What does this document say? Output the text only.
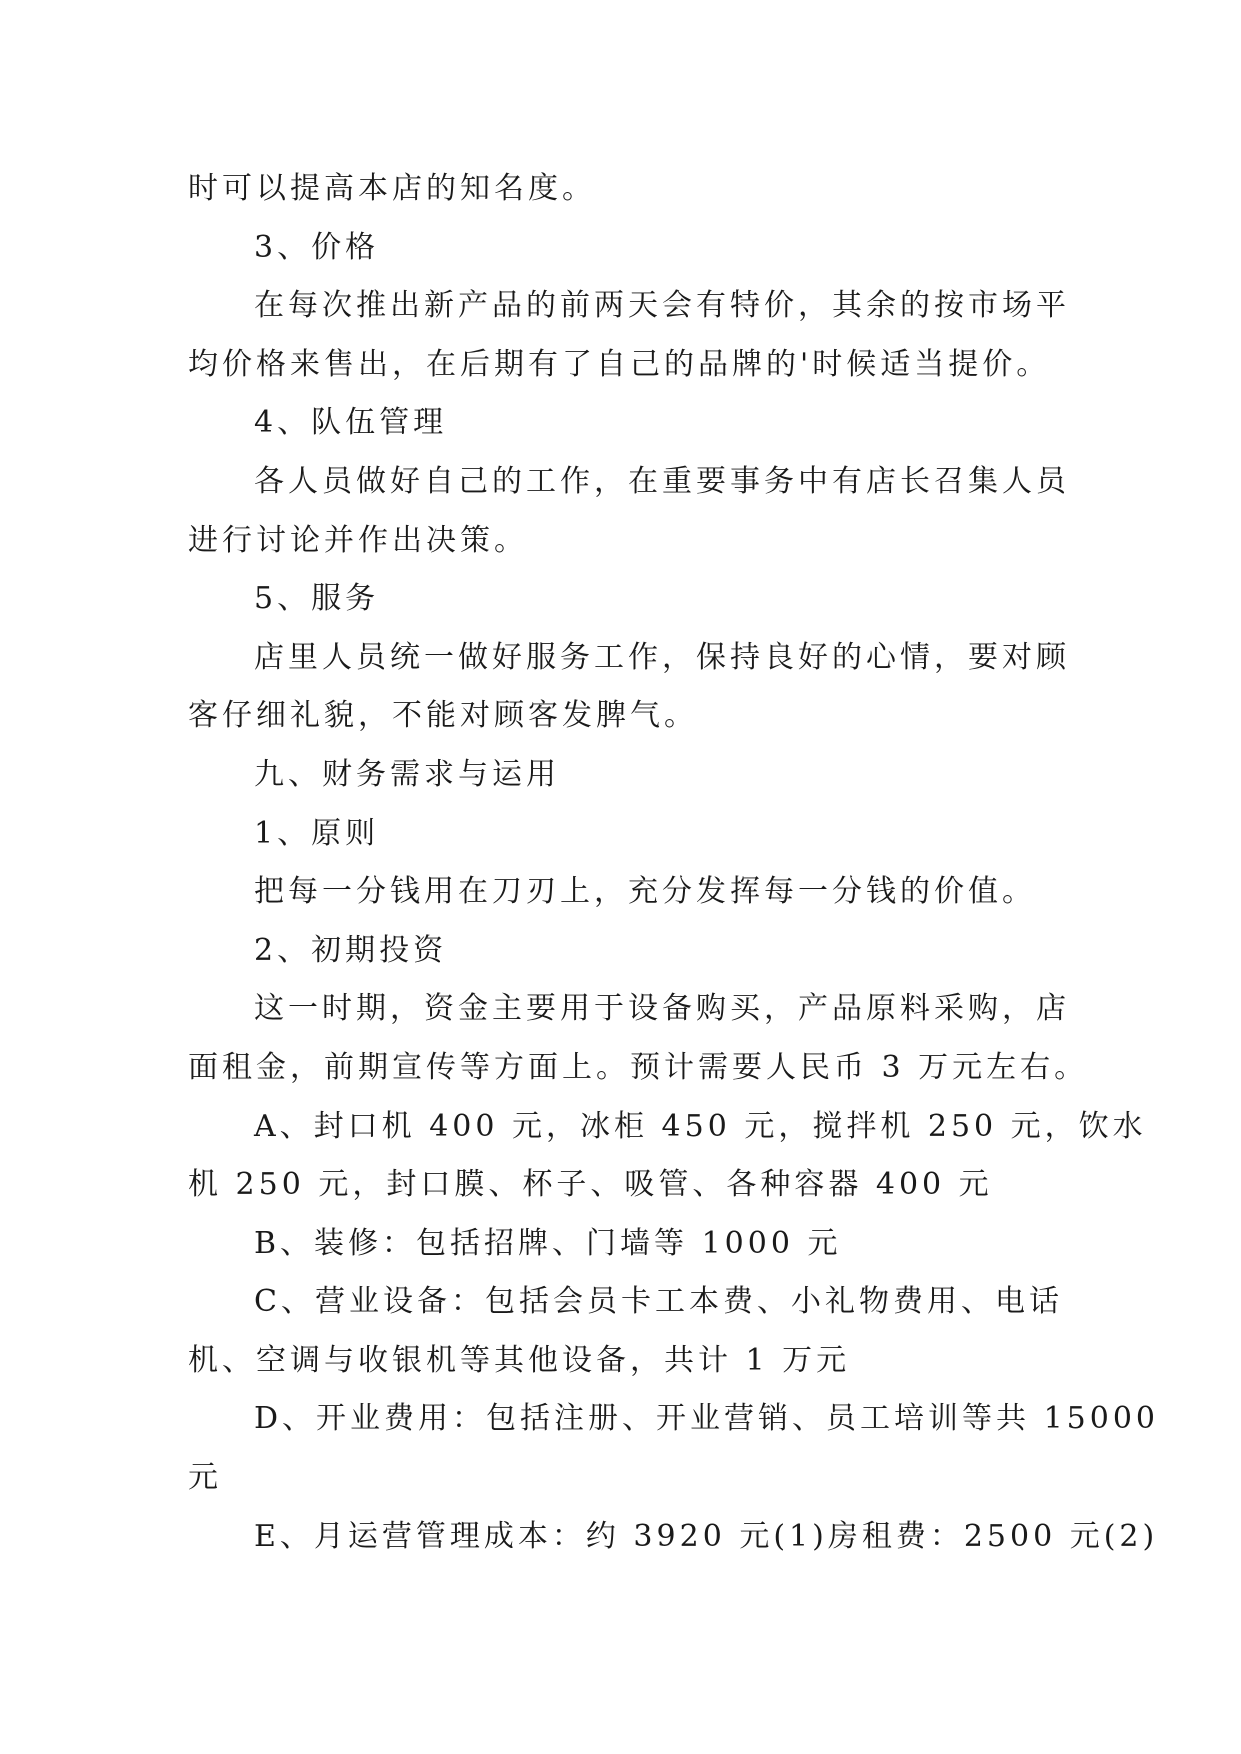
时可以提高本店的知名度。
3、价格
在每次推出新产品的前两天会有特价，其余的按市场平
均价格来售出，在后期有了自己的品牌的'时候适当提价。
4、队伍管理
各人员做好自己的工作，在重要事务中有店长召集人员
进行讨论并作出决策。
5、服务
店里人员统一做好服务工作，保持良好的心情，要对顾
客仔细礼貌，不能对顾客发脾气。
九、财务需求与运用
1、原则
把每一分钱用在刀刃上，充分发挥每一分钱的价值。
2、初期投资
这一时期，资金主要用于设备购买，产品原料采购，店
面租金，前期宣传等方面上。预计需要人民币 3 万元左右。
A、封口机 400 元，冰柜 450 元，搅拌机 250 元，饮水
机 250 元，封口膜、杯子、吸管、各种容器 400 元
B、装修：包括招牌、门墙等 1000 元
C、营业设备：包括会员卡工本费、小礼物费用、电话
机、空调与收银机等其他设备，共计 1 万元
D、开业费用：包括注册、开业营销、员工培训等共 15000
元
E、月运营管理成本：约 3920 元(1)房租费：2500 元(2)
